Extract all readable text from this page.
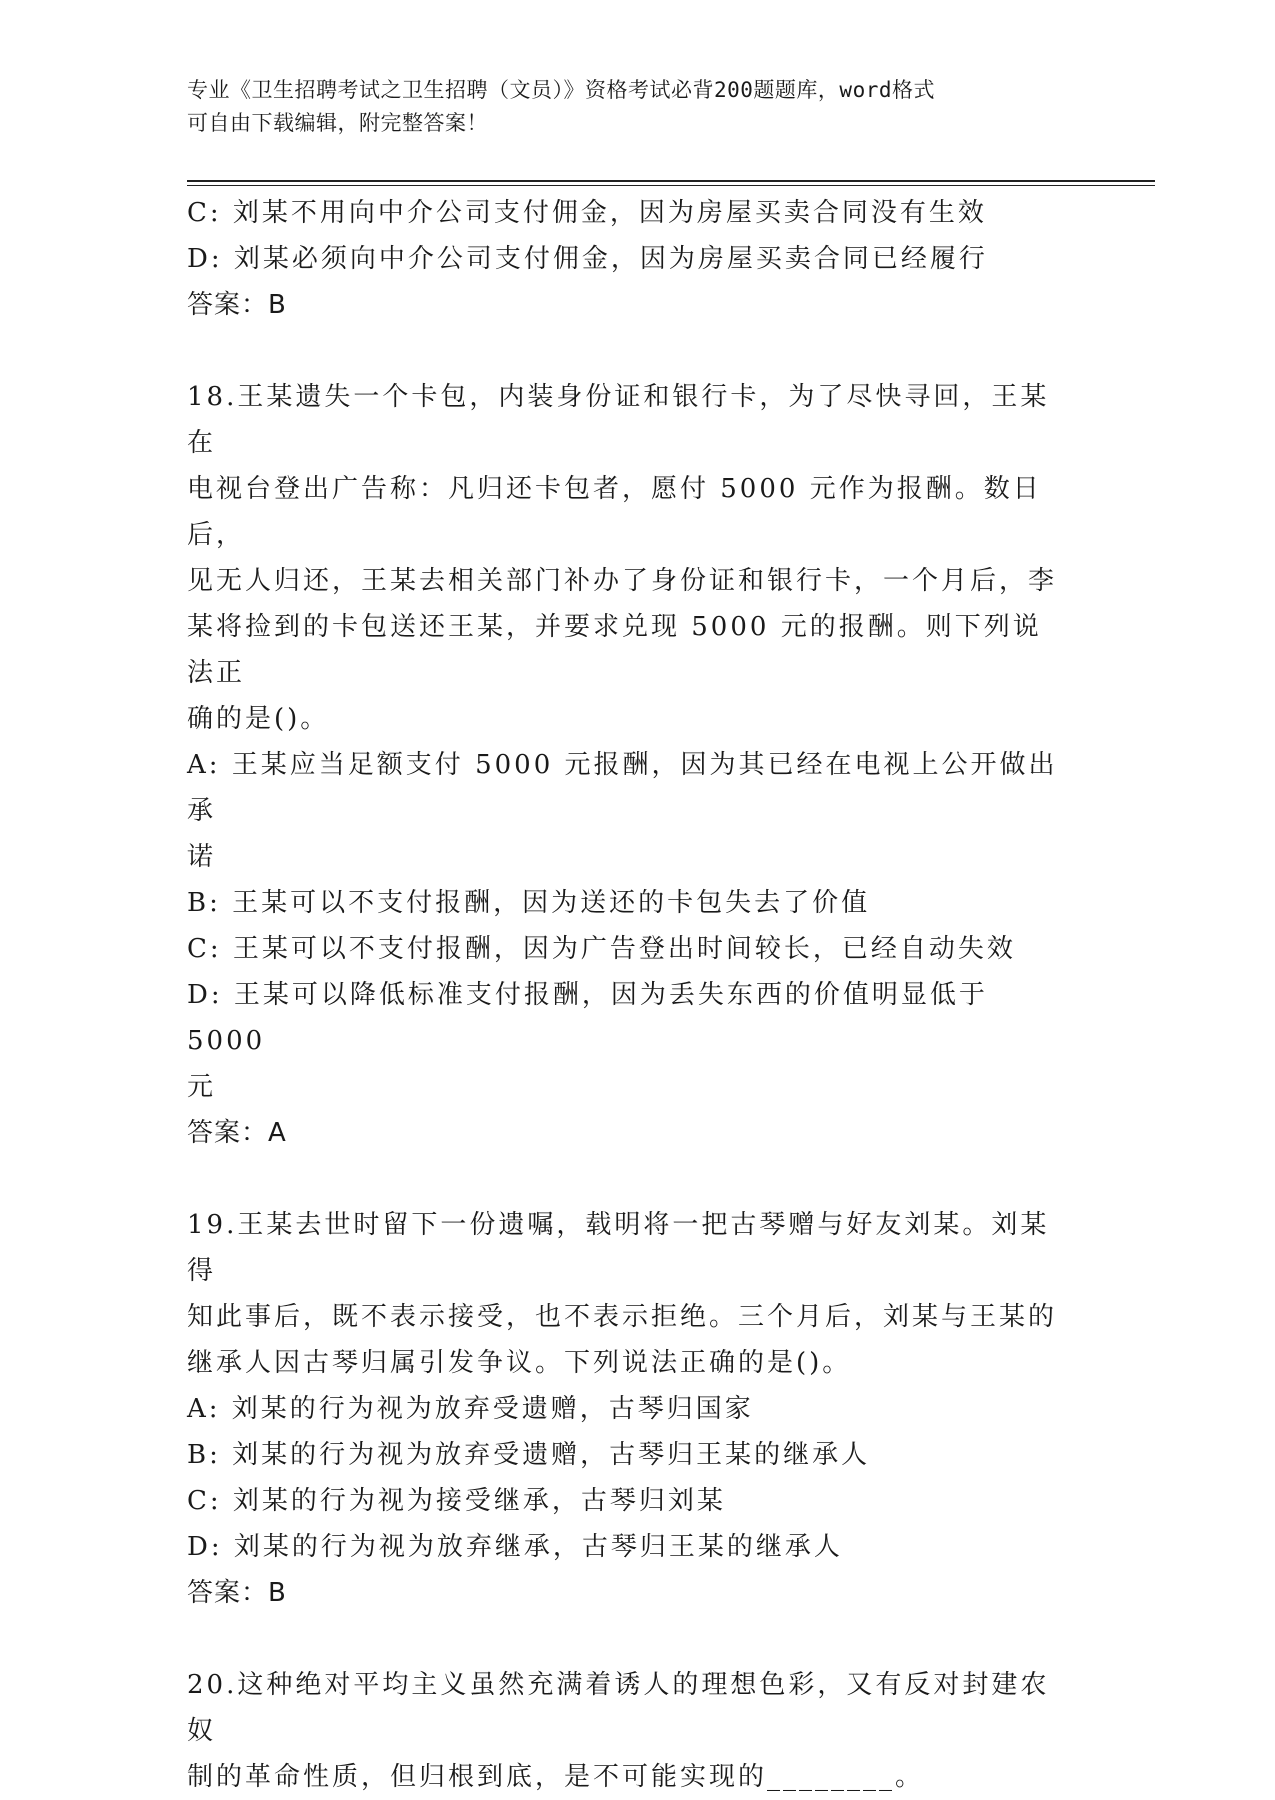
专业《卫生招聘考试之卫生招聘（文员）》资格考试必背200题题库，word格式
可自由下载编辑，附完整答案！

C: 刘某不用向中介公司支付佣金，因为房屋买卖合同没有生效

D: 刘某必须向中介公司支付佣金，因为房屋买卖合同已经履行

答案：B

18.王某遗失一个卡包，内装身份证和银行卡，为了尽快寻回，王某在

电视台登出广告称：凡归还卡包者，愿付 5000 元作为报酬。数日后，

见无人归还，王某去相关部门补办了身份证和银行卡，一个月后，李

某将捡到的卡包送还王某，并要求兑现 5000 元的报酬。则下列说法正

确的是()。

A: 王某应当足额支付 5000 元报酬，因为其已经在电视上公开做出承

诺

B: 王某可以不支付报酬，因为送还的卡包失去了价值

C: 王某可以不支付报酬，因为广告登出时间较长，已经自动失效

D: 王某可以降低标准支付报酬，因为丢失东西的价值明显低于 5000

元

答案：A

19.王某去世时留下一份遗嘱，载明将一把古琴赠与好友刘某。刘某得

知此事后，既不表示接受，也不表示拒绝。三个月后，刘某与王某的

继承人因古琴归属引发争议。下列说法正确的是()。

A: 刘某的行为视为放弃受遗赠，古琴归国家

B: 刘某的行为视为放弃受遗赠，古琴归王某的继承人

C: 刘某的行为视为接受继承，古琴归刘某

D: 刘某的行为视为放弃继承，古琴归王某的继承人

答案：B

20.这种绝对平均主义虽然充满着诱人的理想色彩，又有反对封建农奴

制的革命性质，但归根到底，是不可能实现的________。
